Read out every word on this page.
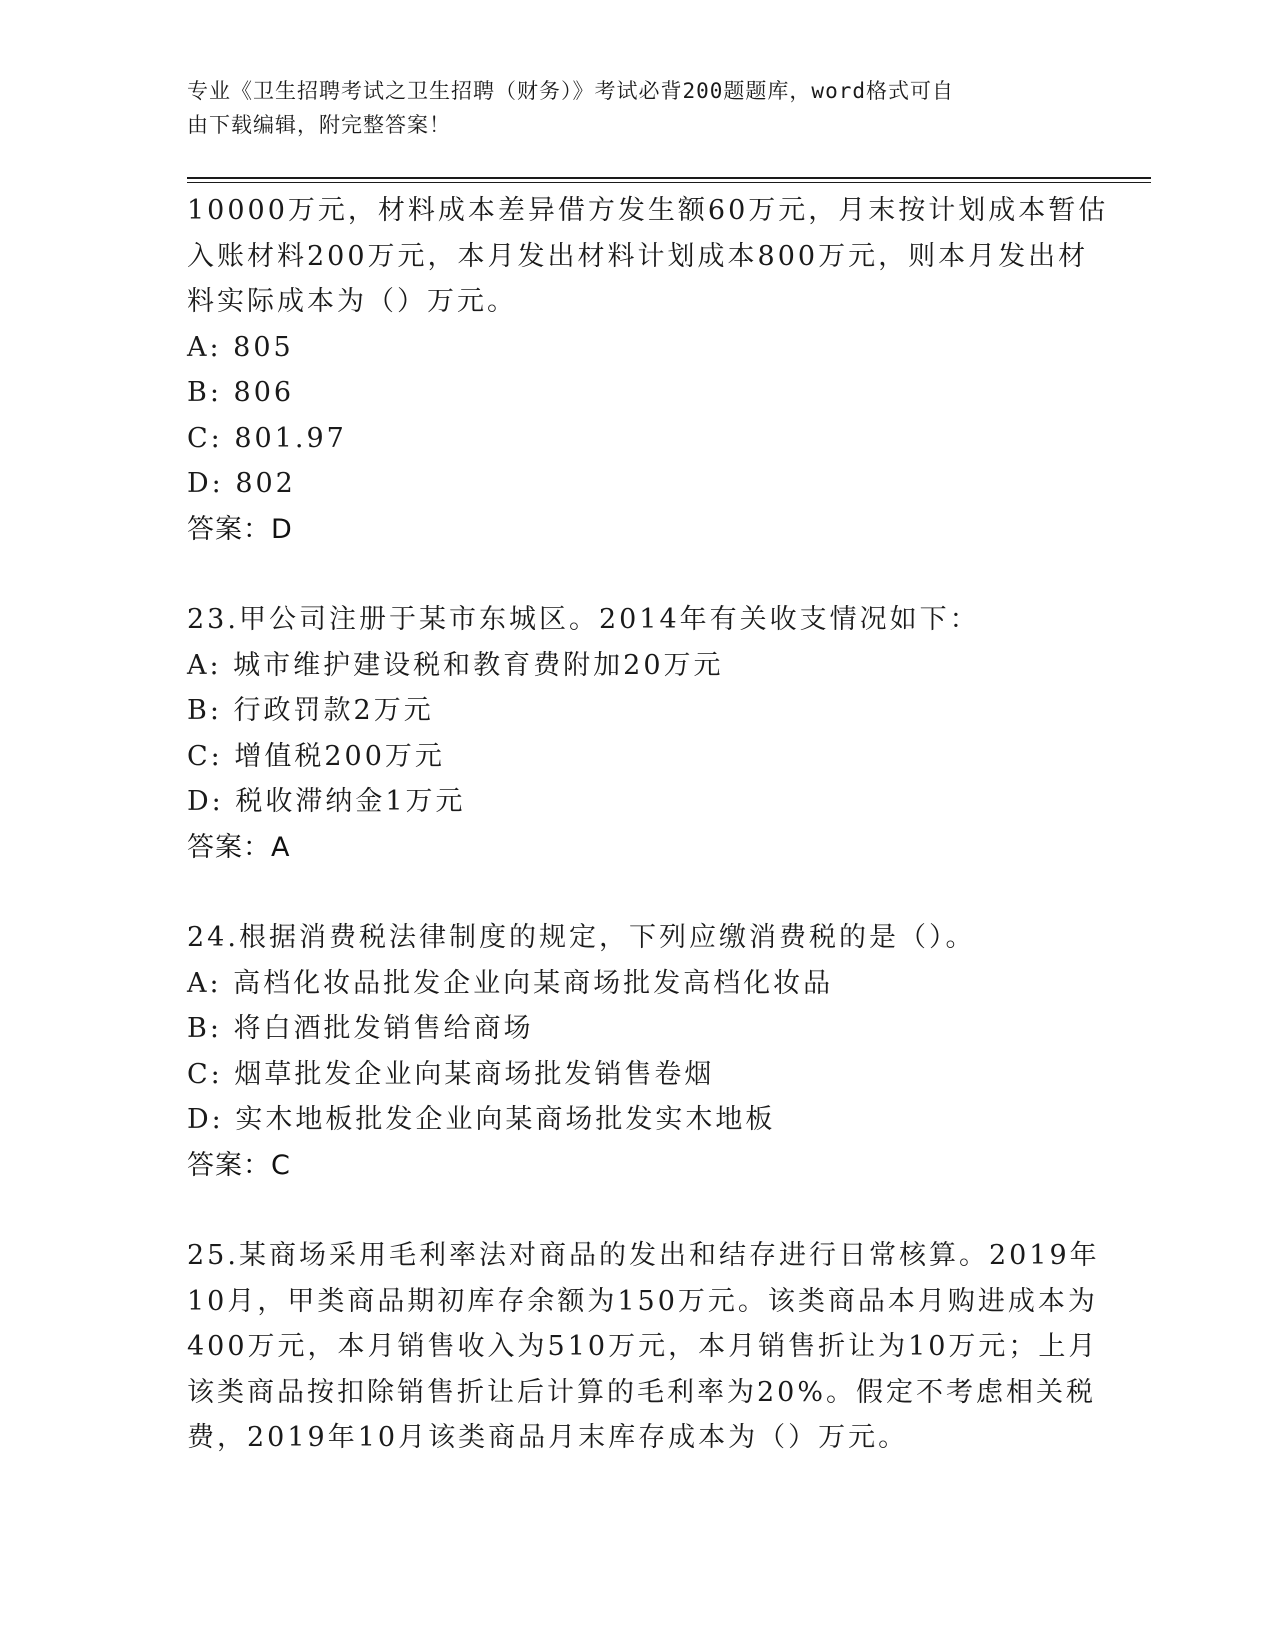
专业《卫生招聘考试之卫生招聘（财务）》考试必背200题题库，word格式可自
由下载编辑，附完整答案！
10000万元，材料成本差异借方发生额60万元，月末按计划成本暂估
入账材料200万元，本月发出材料计划成本800万元，则本月发出材
料实际成本为（）万元。
A: 805
B: 806
C: 801.97
D: 802
答案：D
23.甲公司注册于某市东城区。2014年有关收支情况如下：
A: 城市维护建设税和教育费附加20万元
B: 行政罚款2万元
C: 增值税200万元
D: 税收滞纳金1万元
答案：A
24.根据消费税法律制度的规定，下列应缴消费税的是（）。
A: 高档化妆品批发企业向某商场批发高档化妆品
B: 将白酒批发销售给商场
C: 烟草批发企业向某商场批发销售卷烟
D: 实木地板批发企业向某商场批发实木地板
答案：C
25.某商场采用毛利率法对商品的发出和结存进行日常核算。2019年
10月，甲类商品期初库存余额为150万元。该类商品本月购进成本为
400万元，本月销售收入为510万元，本月销售折让为10万元；上月
该类商品按扣除销售折让后计算的毛利率为20%。假定不考虑相关税
费，2019年10月该类商品月末库存成本为（）万元。
